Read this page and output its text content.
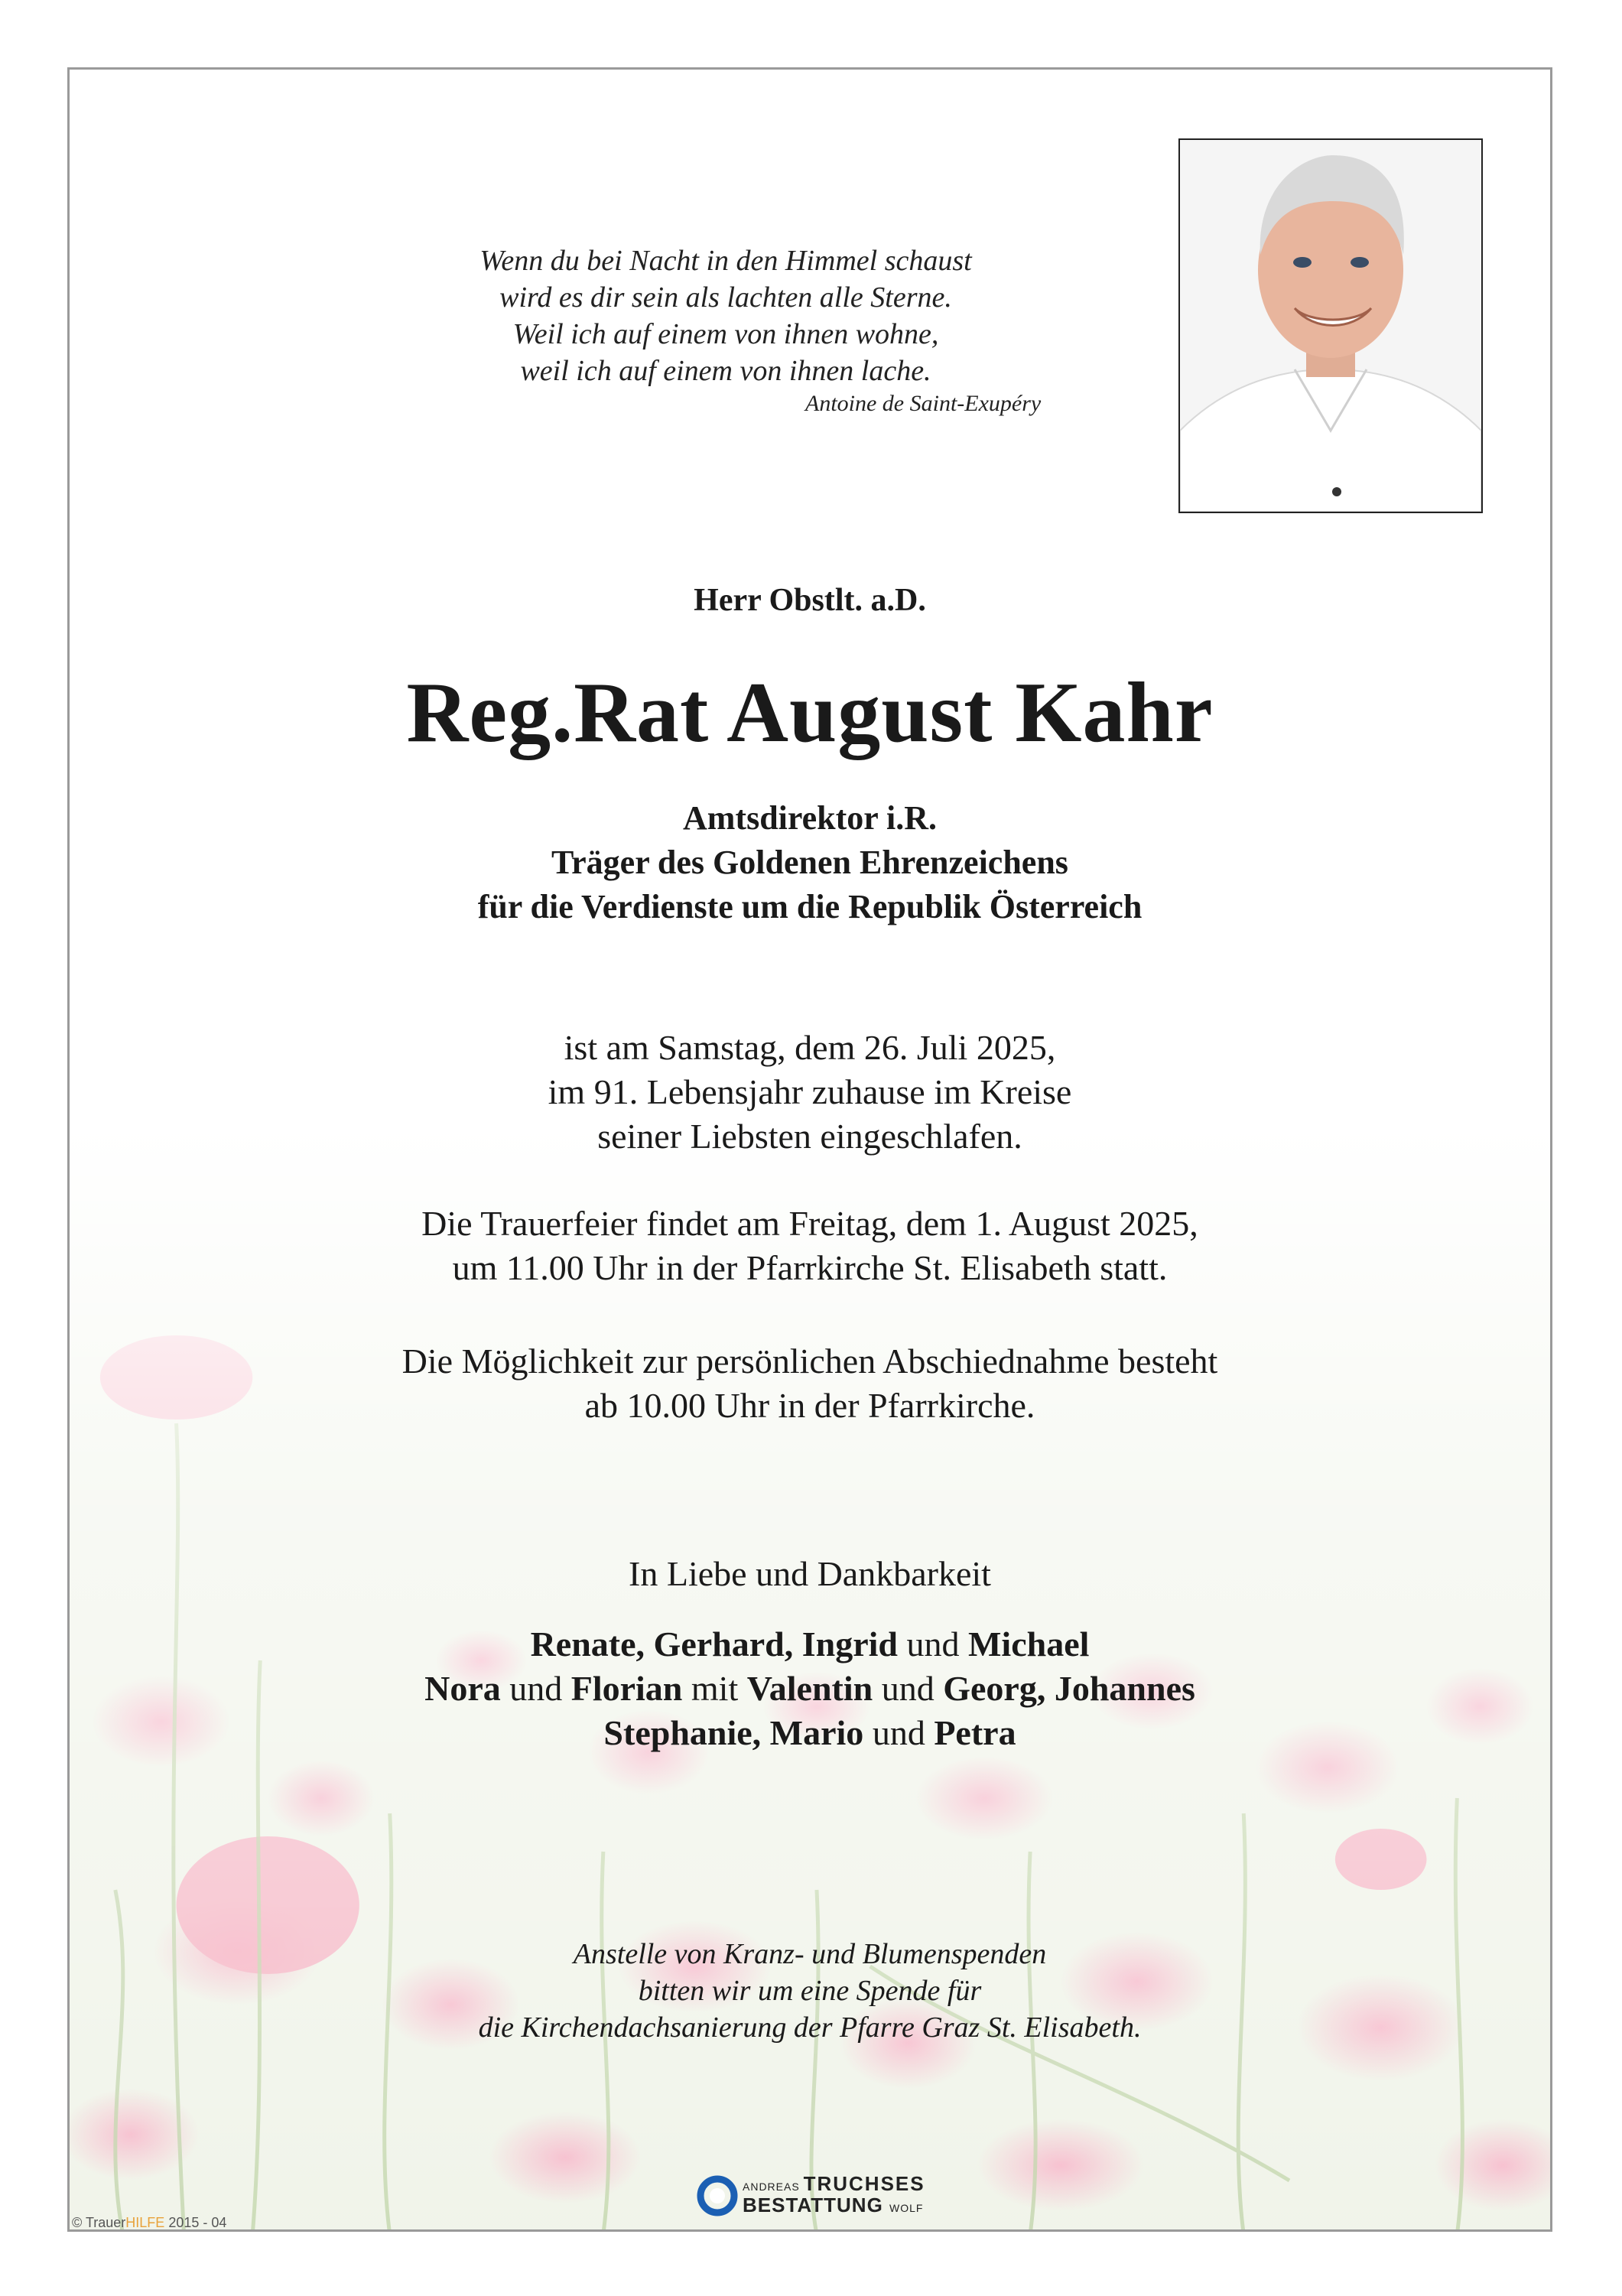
Wenn du bei Nacht in den Himmel schaust
wird es dir sein als lachten alle Sterne.
Weil ich auf einem von ihnen wohne,
weil ich auf einem von ihnen lache.
Antoine de Saint-Exupéry
Herr Obstlt. a.D.
Reg.Rat August Kahr
Amtsdirektor i.R.
Träger des Goldenen Ehrenzeichens
für die Verdienste um die Republik Österreich
ist am Samstag, dem 26. Juli 2025,
im 91. Lebensjahr zuhause im Kreise
seiner Liebsten eingeschlafen.
Die Trauerfeier findet am Freitag, dem 1. August 2025,
um 11.00 Uhr in der Pfarrkirche St. Elisabeth statt.
Die Möglichkeit zur persönlichen Abschiednahme besteht
ab 10.00 Uhr in der Pfarrkirche.
In Liebe und Dankbarkeit
Renate, Gerhard, Ingrid und Michael
Nora und Florian mit Valentin und Georg, Johannes
Stephanie, Mario und Petra
Anstelle von Kranz- und Blumenspenden
bitten wir um eine Spende für
die Kirchendachsanierung der Pfarre Graz St. Elisabeth.
ANDREAS TRUCHSES
BESTATTUNG WOLF
© TrauerHILFE 2015 - 04
